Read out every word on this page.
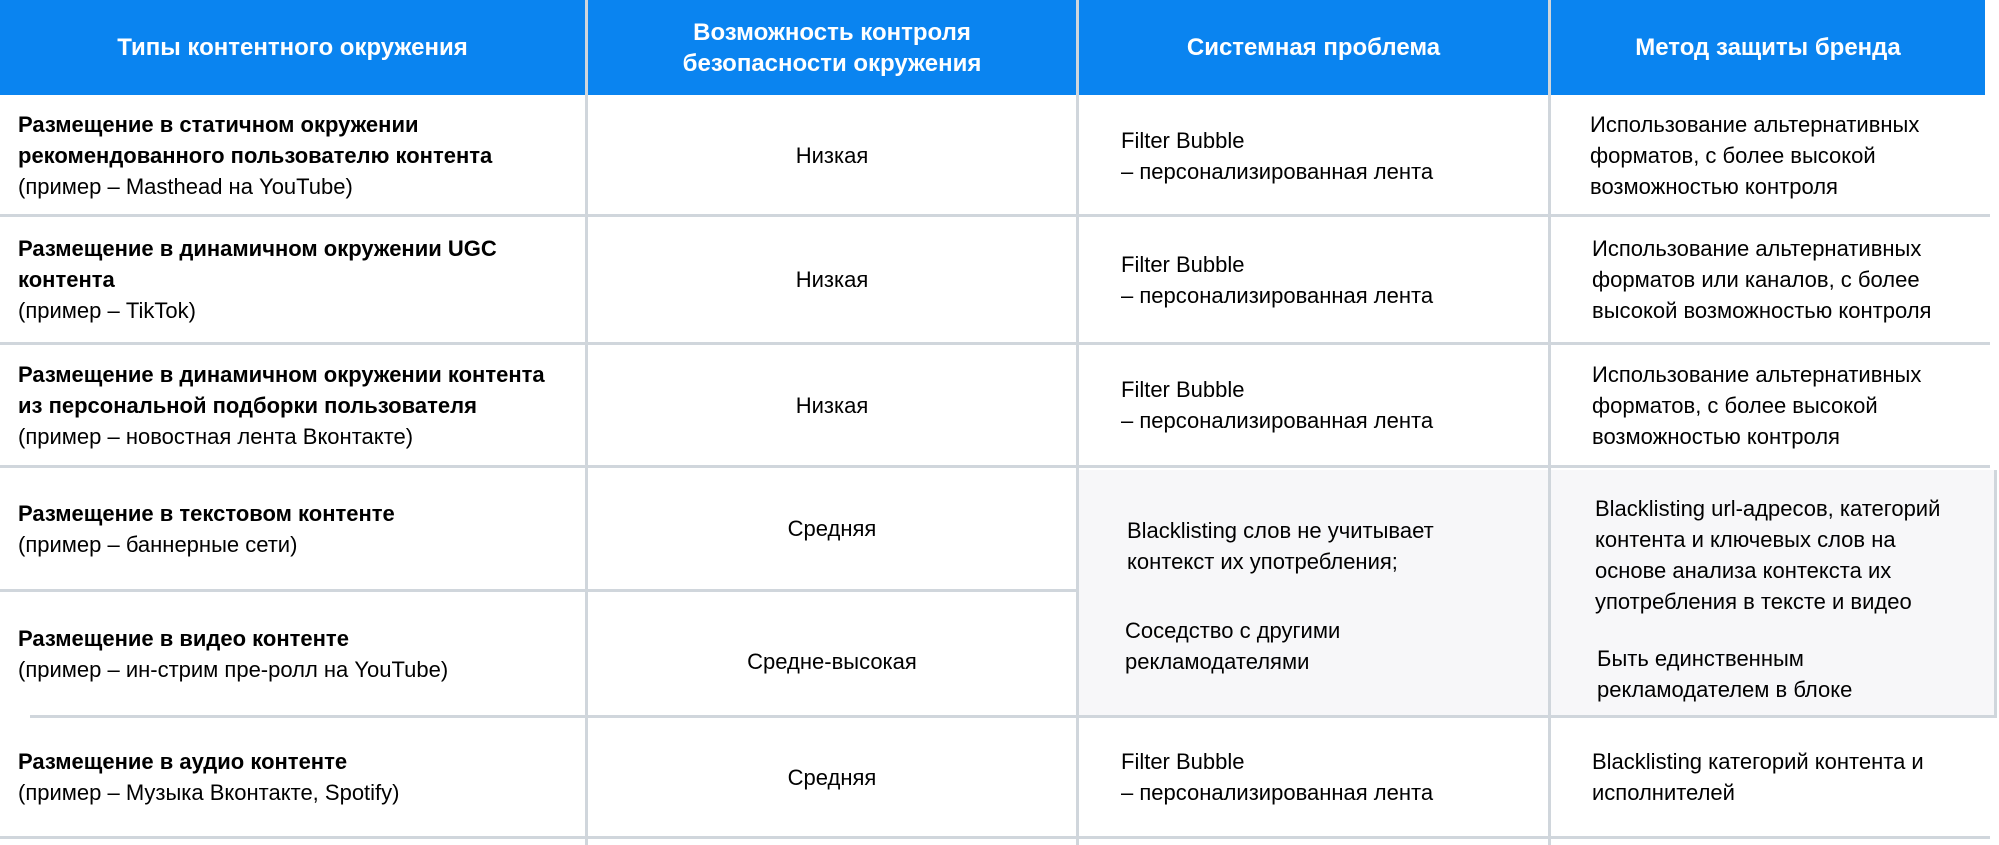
Типы контентного окружения
Возможность контроля
безопасности окружения
Системная проблема	Метод защиты бренда
Размещение в статичном окружении
рекомендованного пользователю контента
(пример – Masthead на YouTube)
Низкая
Filter Bubble
– персонализированная лента
Использование альтернативных
форматов, с более высокой
возможностью контроля
Размещение в динамичном окружении UGC
контента
(пример – TikTok)
Низкая
Filter Bubble
– персонализированная лента
Использование альтернативных
форматов или каналов, с более
высокой возможностью контроля
Размещение в динамичном окружении контента
из персональной подборки пользователя
(пример – новостная лента Вконтакте)
Низкая
Filter Bubble
– персонализированная лента
Использование альтернативных
форматов, с более высокой
возможностью контроля
Размещение в текстовом контенте
(пример – баннерные сети)
Средняя
Размещение в видео контенте
(пример – ин-стрим пре-ролл на YouTube)	Средне-высокая
Blacklisting слов не учитывает
контекст их употребления;
Соседство с другими
рекламодателями
Blacklisting url-адресов, категорий
контента и ключевых слов на
основе анализа контекста их
употребления в тексте и видео
Быть единственным
рекламодателем в блоке
Размещение в аудио контенте
(пример – Музыка Вконтакте, Spotify)
Средняя
Filter Bubble
– персонализированная лента
Blacklisting категорий контента и
исполнителей
